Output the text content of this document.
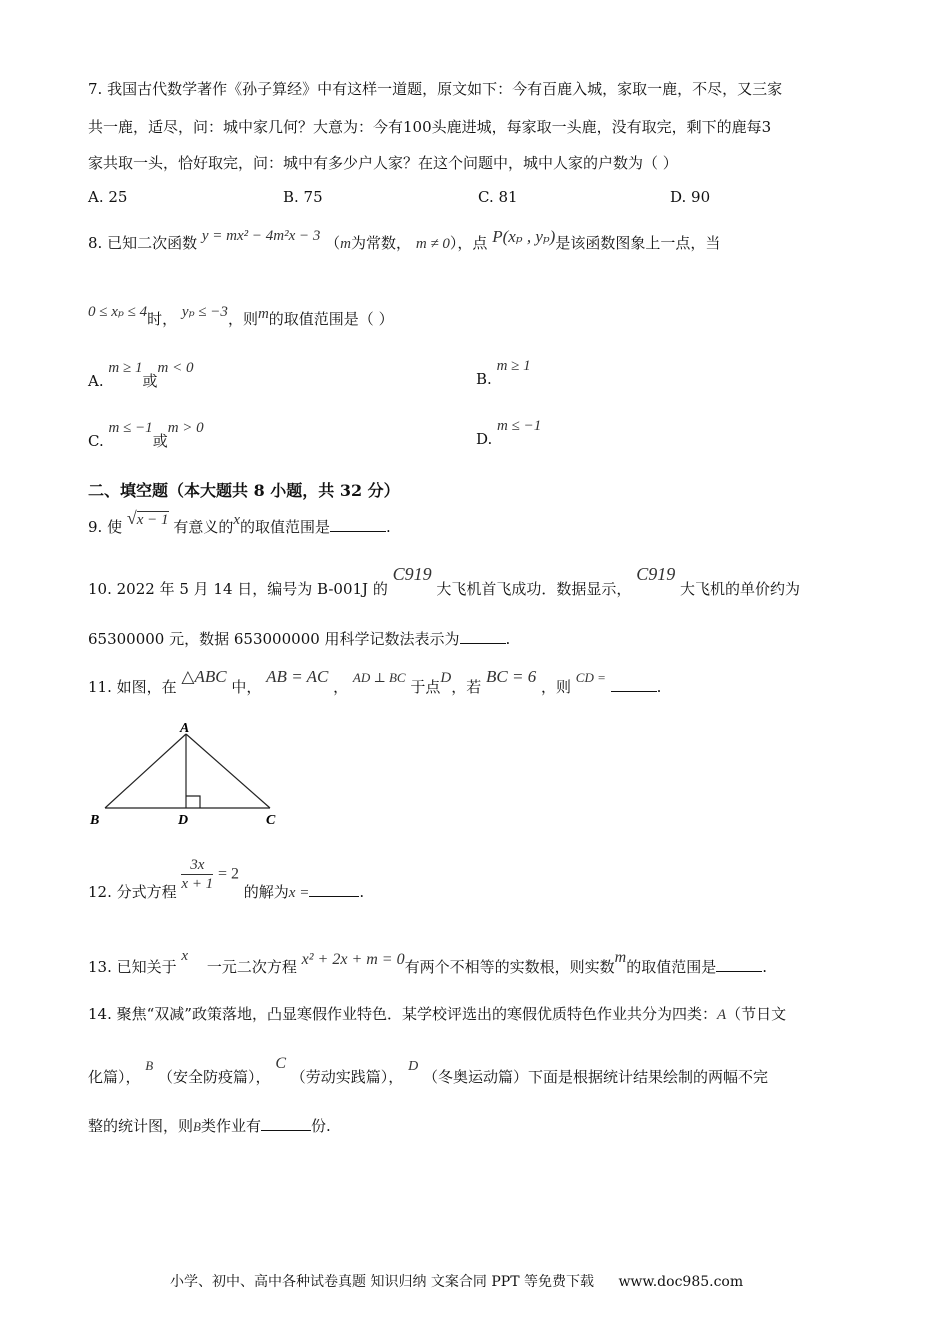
7. 我国古代数学著作《孙子算经》中有这样一道题，原文如下：今有百鹿入城，家取一鹿，不尽，又三家
共一鹿，适尽，问：城中家几何？大意为：今有100头鹿进城，每家取一头鹿，没有取完，剩下的鹿每3
家共取一头，恰好取完，问：城中有多少户人家？在这个问题中，城中人家的户数为（ ）
A. 25	B. 75	C. 81	D. 90
8. 已知二次函数 y = mx² − 4m²x − 3 （m为常数， m ≠ 0），点 P(xₚ , yₚ)是该函数图象上一点，当
0 ≤ xₚ ≤ 4时， yₚ ≤ −3，则m的取值范围是（ ）
A. m ≥ 1或m < 0
B. m ≥ 1
C. m ≤ −1或m > 0
D. m ≤ −1
二、填空题（本大题共 8 小题，共 32 分）
9. 使 √x − 1 有意义的x的取值范围是	.
10. 2022 年 5 月 14 日，编号为 B-001J 的 C919 大飞机首飞成功．数据显示， C919 大飞机的单价约为
65300000 元，数据 653000000 用科学记数法表示为	.
11. 如图，在 △ABC 中， AB = AC ， AD ⊥ BC 于点D，若 BC = 6 ，则 CD = .
A
B	D	C
12. 分式方程 $\frac{3x}{x + 1} = 2$ 的解为x =	.
13. 已知关于 x 一元二次方程 x² + 2x + m = 0有两个不相等的实数根，则实数m的取值范围是	.
14. 聚焦“双减”政策落地，凸显寒假作业特色．某学校评选出的寒假优质特色作业共分为四类：A（节日文
化篇）， B （安全防疫篇）， C （劳动实践篇）， D （冬奥运动篇）下面是根据统计结果绘制的两幅不完
整的统计图，则B类作业有	份.
小学、初中、高中各种试卷真题 知识归纳 文案合同 PPT 等免费下载 www.doc985.com
